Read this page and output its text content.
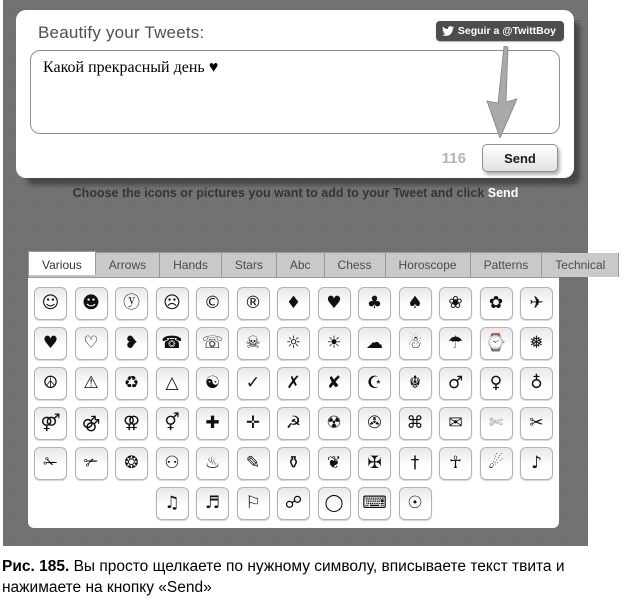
Beautify your Tweets:	Seguir a @TwittBoy
Какой прекрасный день ♥
116	Send
Choose the icons or pictures you want to add to your Tweet and click Send
Various	Arrows	Hands	Stars	Abc	Chess	Horoscope	Patterns	Technical
☺	☻	ⓨ	☹	©	®	♦	♥	♣	♠	❀	✿	✈
♥	♡	❥	☎	☏	☠	☼	☀	☁	☃	☂	⌚	❅
☮	⚠	♻	△	☯	✓	✗	✘	☪	☬	♂	♀	♁
⚤	⚣	⚢	⚥	✚	✛	☭	☢	✇	⌘	✉	✄	✂
✁	✃	❂	⚇	♨	✎	⚱	❦	✠	†	☥	☄	♪
♫	♬	⚐	☍	◯	⌨	☉
Рис. 185. Вы просто щелкаете по нужному символу, вписываете текст твита и нажимаете на кнопку «Send»
